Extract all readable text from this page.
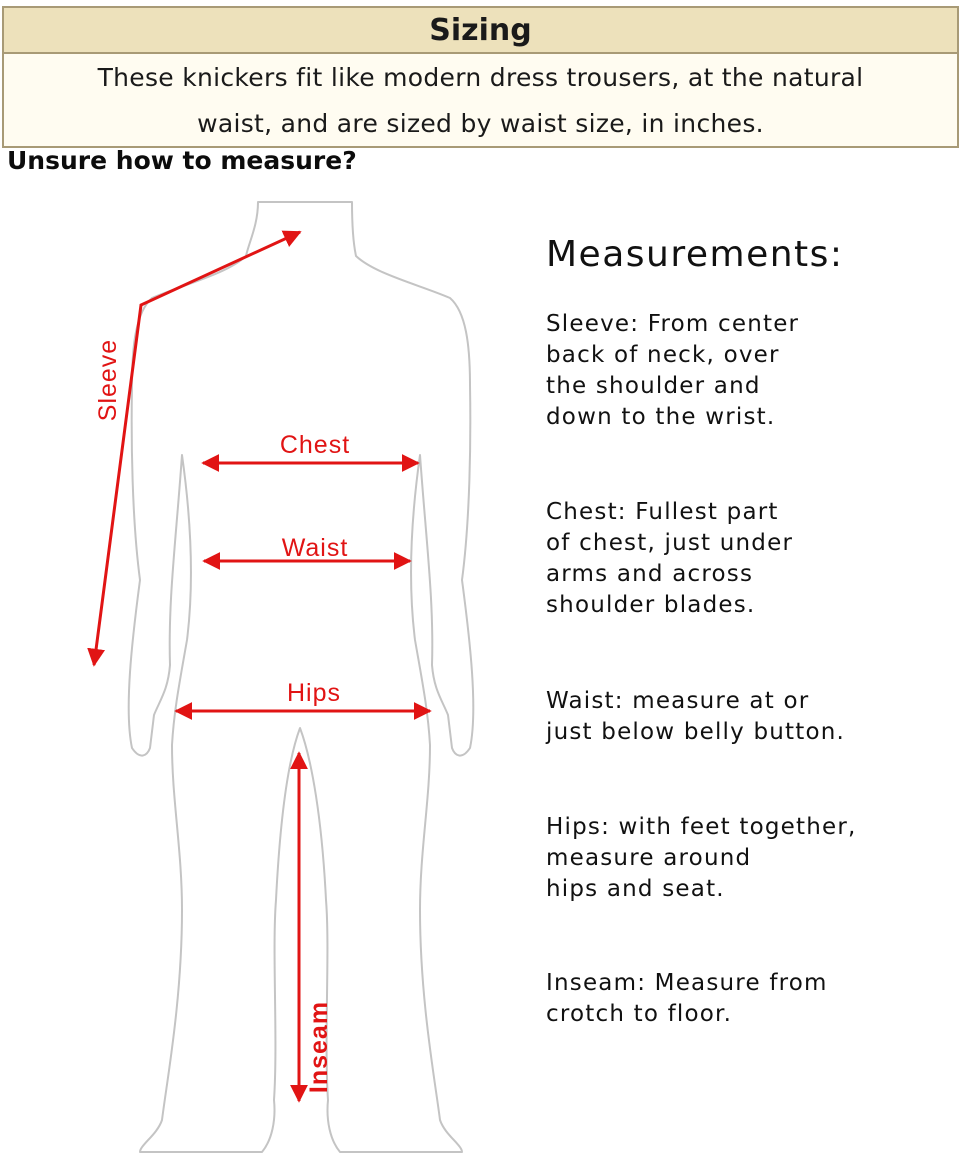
Sizing
These knickers fit like modern dress trousers, at the natural
waist, and are sized by waist size, in inches.
Unsure how to measure?
Sleeve
Chest
Waist
Hips
Inseam
Measurements:
Sleeve: From center
back of neck, over
the shoulder and
down to the wrist.
Chest: Fullest part
of chest, just under
arms and across
shoulder blades.
Waist: measure at or
just below belly button.
Hips: with feet together,
measure around
hips and seat.
Inseam: Measure from
crotch to floor.
